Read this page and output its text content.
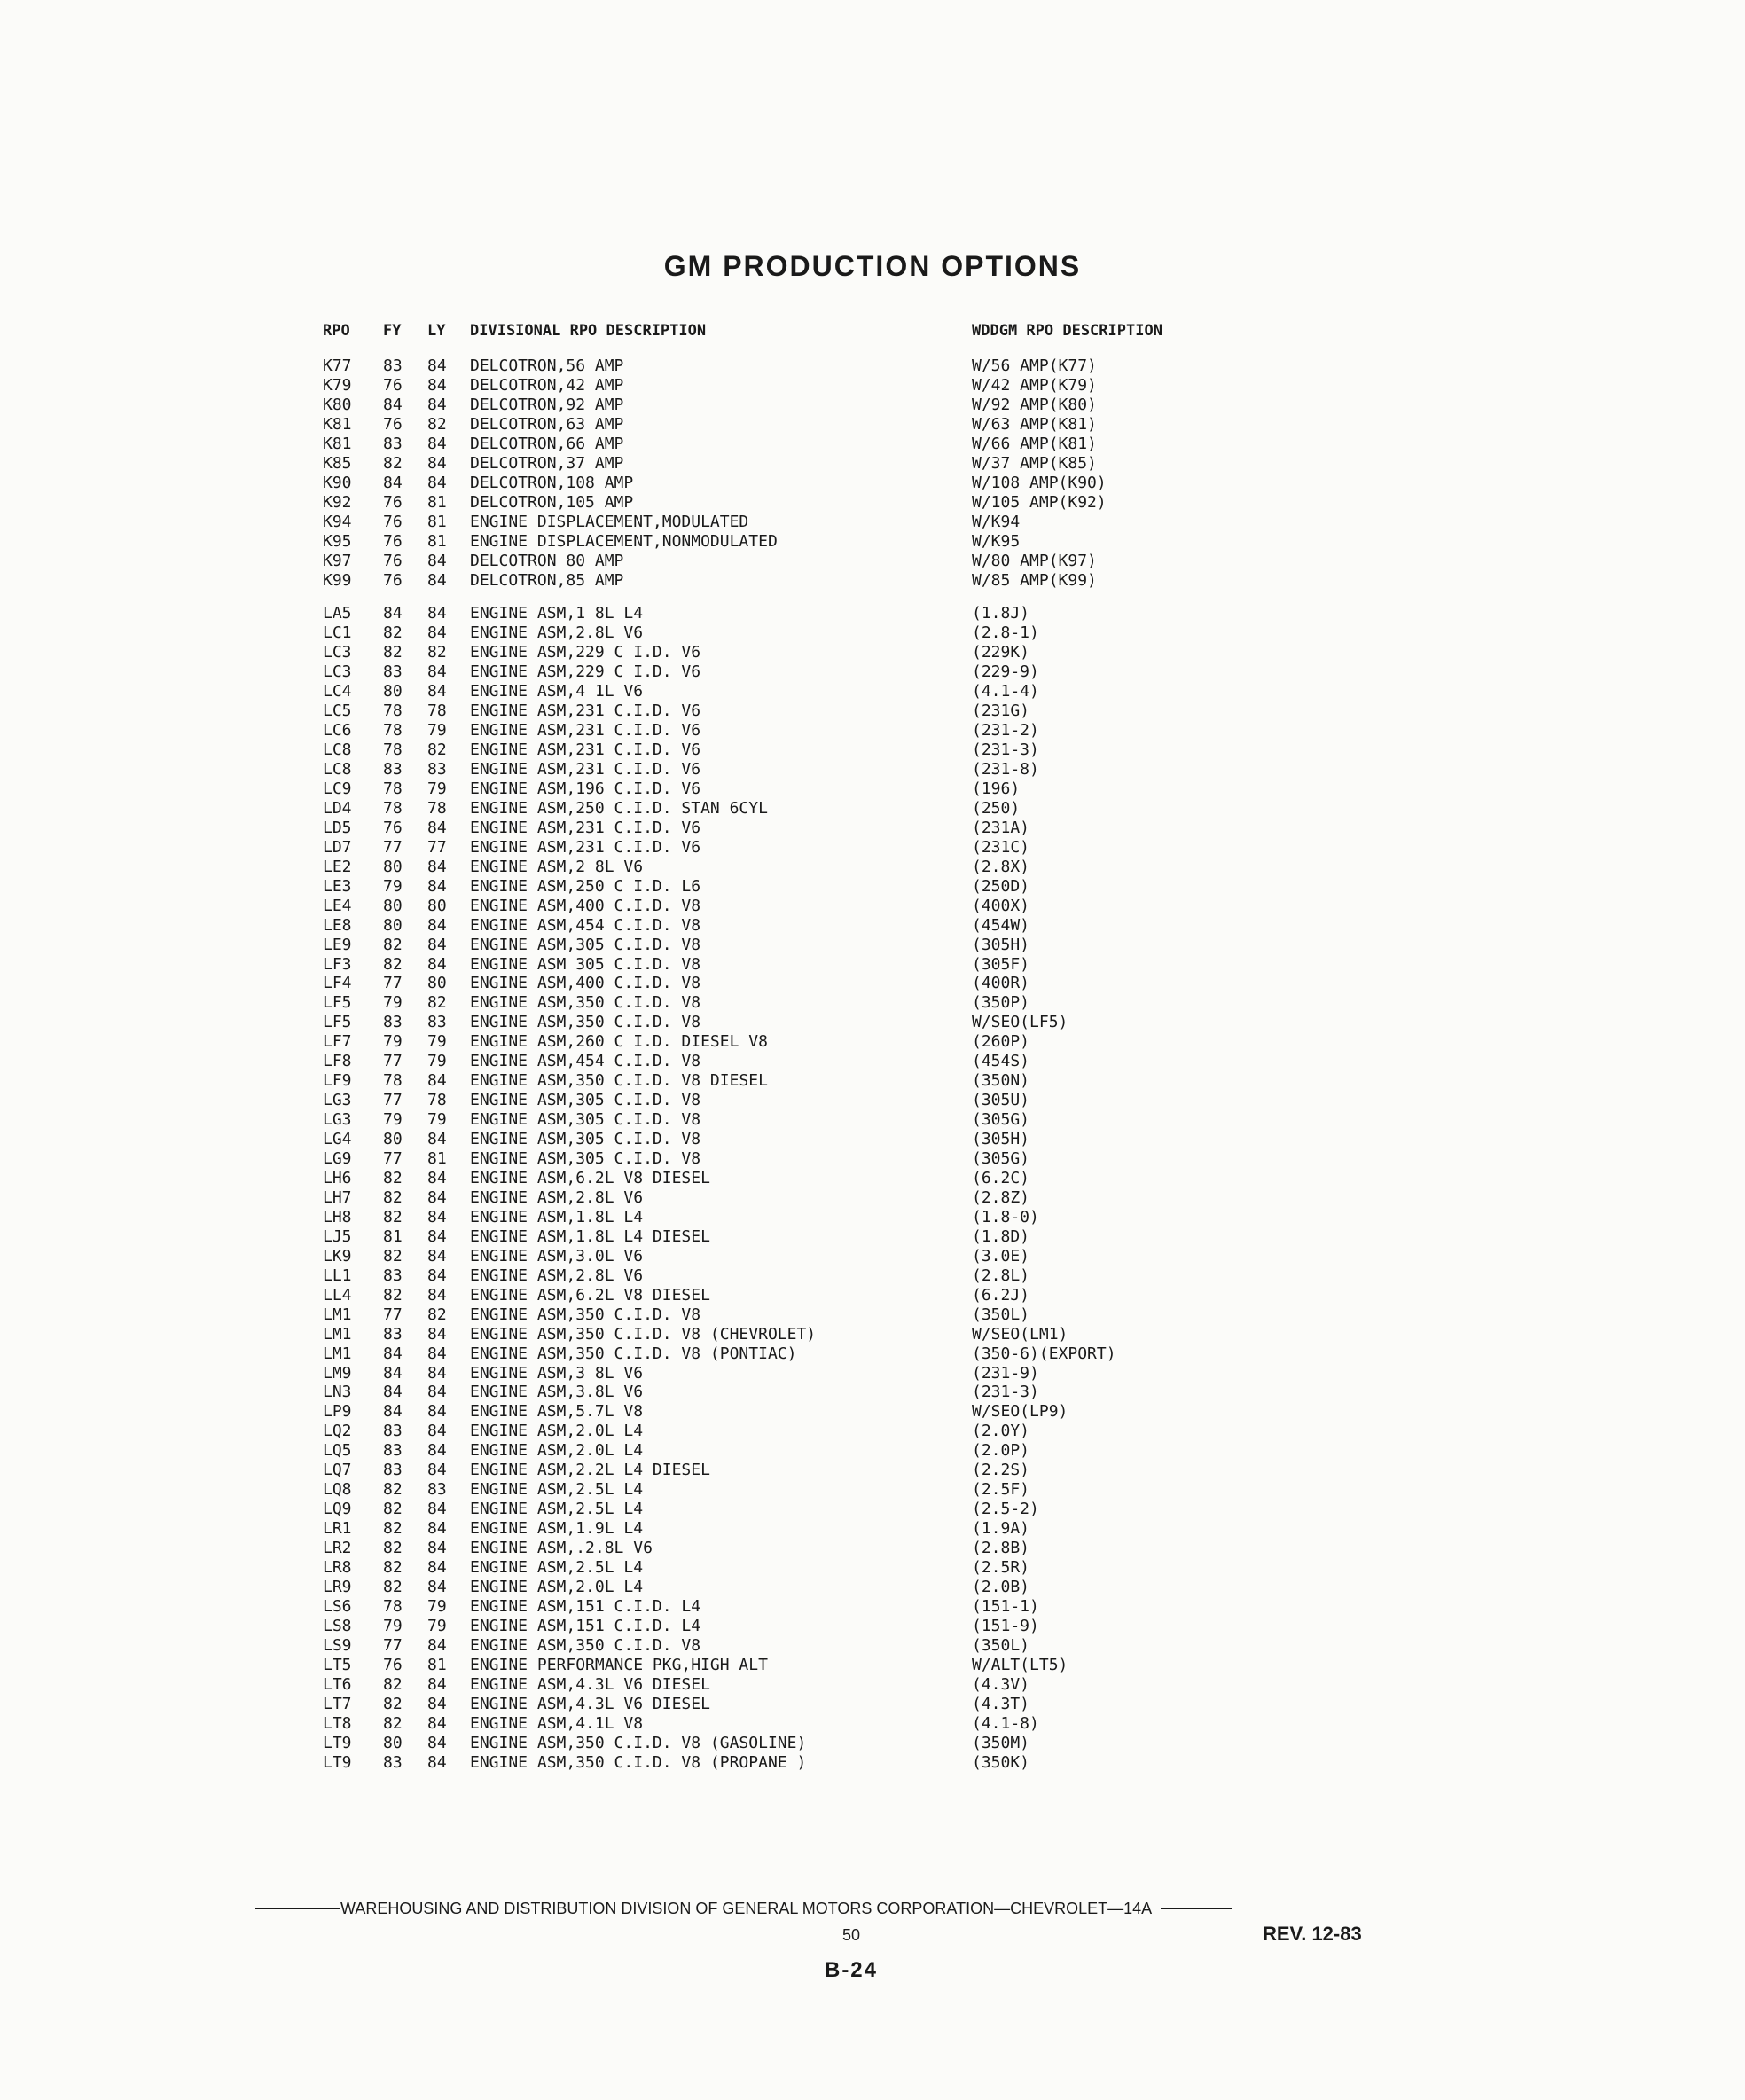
GM PRODUCTION OPTIONS
RPO FY LY DIVISIONAL RPO DESCRIPTION	WDDGM RPO DESCRIPTION
K77 83 84 DELCOTRON,56 AMP	W/56 AMP(K77)
K79 76 84 DELCOTRON,42 AMP	W/42 AMP(K79)
K80 84 84 DELCOTRON,92 AMP	W/92 AMP(K80)
K81 76 82 DELCOTRON,63 AMP	W/63 AMP(K81)
K81 83 84 DELCOTRON,66 AMP	W/66 AMP(K81)
K85 82 84 DELCOTRON,37 AMP	W/37 AMP(K85)
K90 84 84 DELCOTRON,108 AMP	W/108 AMP(K90)
K92 76 81 DELCOTRON,105 AMP	W/105 AMP(K92)
K94 76 81 ENGINE DISPLACEMENT,MODULATED	W/K94
K95 76 81 ENGINE DISPLACEMENT,NONMODULATED	W/K95
K97 76 84 DELCOTRON 80 AMP	W/80 AMP(K97)
K99 76 84 DELCOTRON,85 AMP	W/85 AMP(K99)
LA5 84 84 ENGINE ASM,1 8L L4	(1.8J)
LC1 82 84 ENGINE ASM,2.8L V6	(2.8-1)
LC3 82 82 ENGINE ASM,229 C I.D. V6	(229K)
LC3 83 84 ENGINE ASM,229 C I.D. V6	(229-9)
LC4 80 84 ENGINE ASM,4 1L V6	(4.1-4)
LC5 78 78 ENGINE ASM,231 C.I.D. V6	(231G)
LC6 78 79 ENGINE ASM,231 C.I.D. V6	(231-2)
LC8 78 82 ENGINE ASM,231 C.I.D. V6	(231-3)
LC8 83 83 ENGINE ASM,231 C.I.D. V6	(231-8)
LC9 78 79 ENGINE ASM,196 C.I.D. V6	(196)
LD4 78 78 ENGINE ASM,250 C.I.D. STAN 6CYL	(250)
LD5 76 84 ENGINE ASM,231 C.I.D. V6	(231A)
LD7 77 77 ENGINE ASM,231 C.I.D. V6	(231C)
LE2 80 84 ENGINE ASM,2 8L V6	(2.8X)
LE3 79 84 ENGINE ASM,250 C I.D. L6	(250D)
LE4 80 80 ENGINE ASM,400 C.I.D. V8	(400X)
LE8 80 84 ENGINE ASM,454 C.I.D. V8	(454W)
LE9 82 84 ENGINE ASM,305 C.I.D. V8	(305H)
LF3 82 84 ENGINE ASM 305 C.I.D. V8	(305F)
LF4 77 80 ENGINE ASM,400 C.I.D. V8	(400R)
LF5 79 82 ENGINE ASM,350 C.I.D. V8	(350P)
LF5 83 83 ENGINE ASM,350 C.I.D. V8	W/SEO(LF5)
LF7 79 79 ENGINE ASM,260 C I.D. DIESEL V8	(260P)
LF8 77 79 ENGINE ASM,454 C.I.D. V8	(454S)
LF9 78 84 ENGINE ASM,350 C.I.D. V8 DIESEL	(350N)
LG3 77 78 ENGINE ASM,305 C.I.D. V8	(305U)
LG3 79 79 ENGINE ASM,305 C.I.D. V8	(305G)
LG4 80 84 ENGINE ASM,305 C.I.D. V8	(305H)
LG9 77 81 ENGINE ASM,305 C.I.D. V8	(305G)
LH6 82 84 ENGINE ASM,6.2L V8 DIESEL	(6.2C)
LH7 82 84 ENGINE ASM,2.8L V6	(2.8Z)
LH8 82 84 ENGINE ASM,1.8L L4	(1.8-0)
LJ5 81 84 ENGINE ASM,1.8L L4 DIESEL	(1.8D)
LK9 82 84 ENGINE ASM,3.0L V6	(3.0E)
LL1 83 84 ENGINE ASM,2.8L V6	(2.8L)
LL4 82 84 ENGINE ASM,6.2L V8 DIESEL	(6.2J)
LM1 77 82 ENGINE ASM,350 C.I.D. V8	(350L)
LM1 83 84 ENGINE ASM,350 C.I.D. V8 (CHEVROLET)	W/SEO(LM1)
LM1 84 84 ENGINE ASM,350 C.I.D. V8 (PONTIAC)	(350-6)(EXPORT)
LM9 84 84 ENGINE ASM,3 8L V6	(231-9)
LN3 84 84 ENGINE ASM,3.8L V6	(231-3)
LP9 84 84 ENGINE ASM,5.7L V8	W/SEO(LP9)
LQ2 83 84 ENGINE ASM,2.0L L4	(2.0Y)
LQ5 83 84 ENGINE ASM,2.0L L4	(2.0P)
LQ7 83 84 ENGINE ASM,2.2L L4 DIESEL	(2.2S)
LQ8 82 83 ENGINE ASM,2.5L L4	(2.5F)
LQ9 82 84 ENGINE ASM,2.5L L4	(2.5-2)
LR1 82 84 ENGINE ASM,1.9L L4	(1.9A)
LR2 82 84 ENGINE ASM,.2.8L V6	(2.8B)
LR8 82 84 ENGINE ASM,2.5L L4	(2.5R)
LR9 82 84 ENGINE ASM,2.0L L4	(2.0B)
LS6 78 79 ENGINE ASM,151 C.I.D. L4	(151-1)
LS8 79 79 ENGINE ASM,151 C.I.D. L4	(151-9)
LS9 77 84 ENGINE ASM,350 C.I.D. V8	(350L)
LT5 76 81 ENGINE PERFORMANCE PKG,HIGH ALT	W/ALT(LT5)
LT6 82 84 ENGINE ASM,4.3L V6 DIESEL	(4.3V)
LT7 82 84 ENGINE ASM,4.3L V6 DIESEL	(4.3T)
LT8 82 84 ENGINE ASM,4.1L V8	(4.1-8)
LT9 80 84 ENGINE ASM,350 C.I.D. V8 (GASOLINE)	(350M)
LT9 83 84 ENGINE ASM,350 C.I.D. V8 (PROPANE )	(350K)
WAREHOUSING AND DISTRIBUTION DIVISION OF GENERAL MOTORS CORPORATION—CHEVROLET—14A
50	REV. 12-83
B-24
